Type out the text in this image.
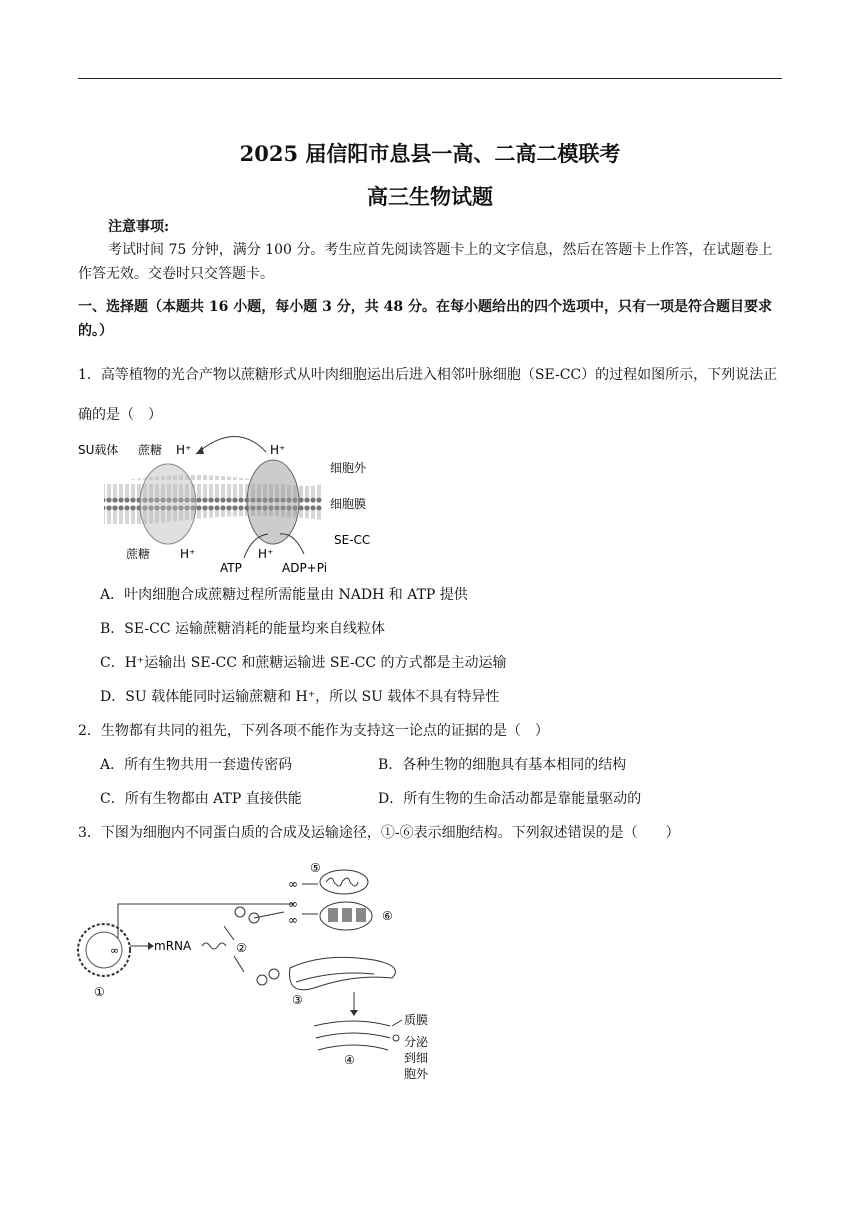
2025 届信阳市息县一高、二高二模联考
高三生物试题
注意事项:
考试时间 75 分钟，满分 100 分。考生应首先阅读答题卡上的文字信息，然后在答题卡上作答，在试题卷上作答无效。交卷时只交答题卡。
一、选择题（本题共 16 小题，每小题 3 分，共 48 分。在每小题给出的四个选项中，只有一项是符合题目要求的。）
1．高等植物的光合产物以蔗糖形式从叶肉细胞运出后进入相邻叶脉细胞（SE-CC）的过程如图所示，下列说法正确的是（　）
SU载体 蔗糖 H⁺	H⁺
细胞外
细胞膜
SE-CC
蔗糖 H⁺	H⁺
ATP	ADP+Pi
A．叶肉细胞合成蔗糖过程所需能量由 NADH 和 ATP 提供
B．SE-CC 运输蔗糖消耗的能量均来自线粒体
C．H⁺运输出 SE-CC 和蔗糖运输进 SE-CC 的方式都是主动运输
D．SU 载体能同时运输蔗糖和 H⁺，所以 SU 载体不具有特异性
2．生物都有共同的祖先，下列各项不能作为支持这一论点的证据的是（　）
A．所有生物共用一套遗传密码	B．各种生物的细胞具有基本相同的结构
C．所有生物都由 ATP 直接供能	D．所有生物的生命活动都是靠能量驱动的
3．下图为细胞内不同蛋白质的合成及运输途径，①-⑥表示细胞结构。下列叙述错误的是（　　）
∞	mRNA
∞
∞
∞
⑤
⑥
②
③
④
质膜
分泌
到细
胞外
①
